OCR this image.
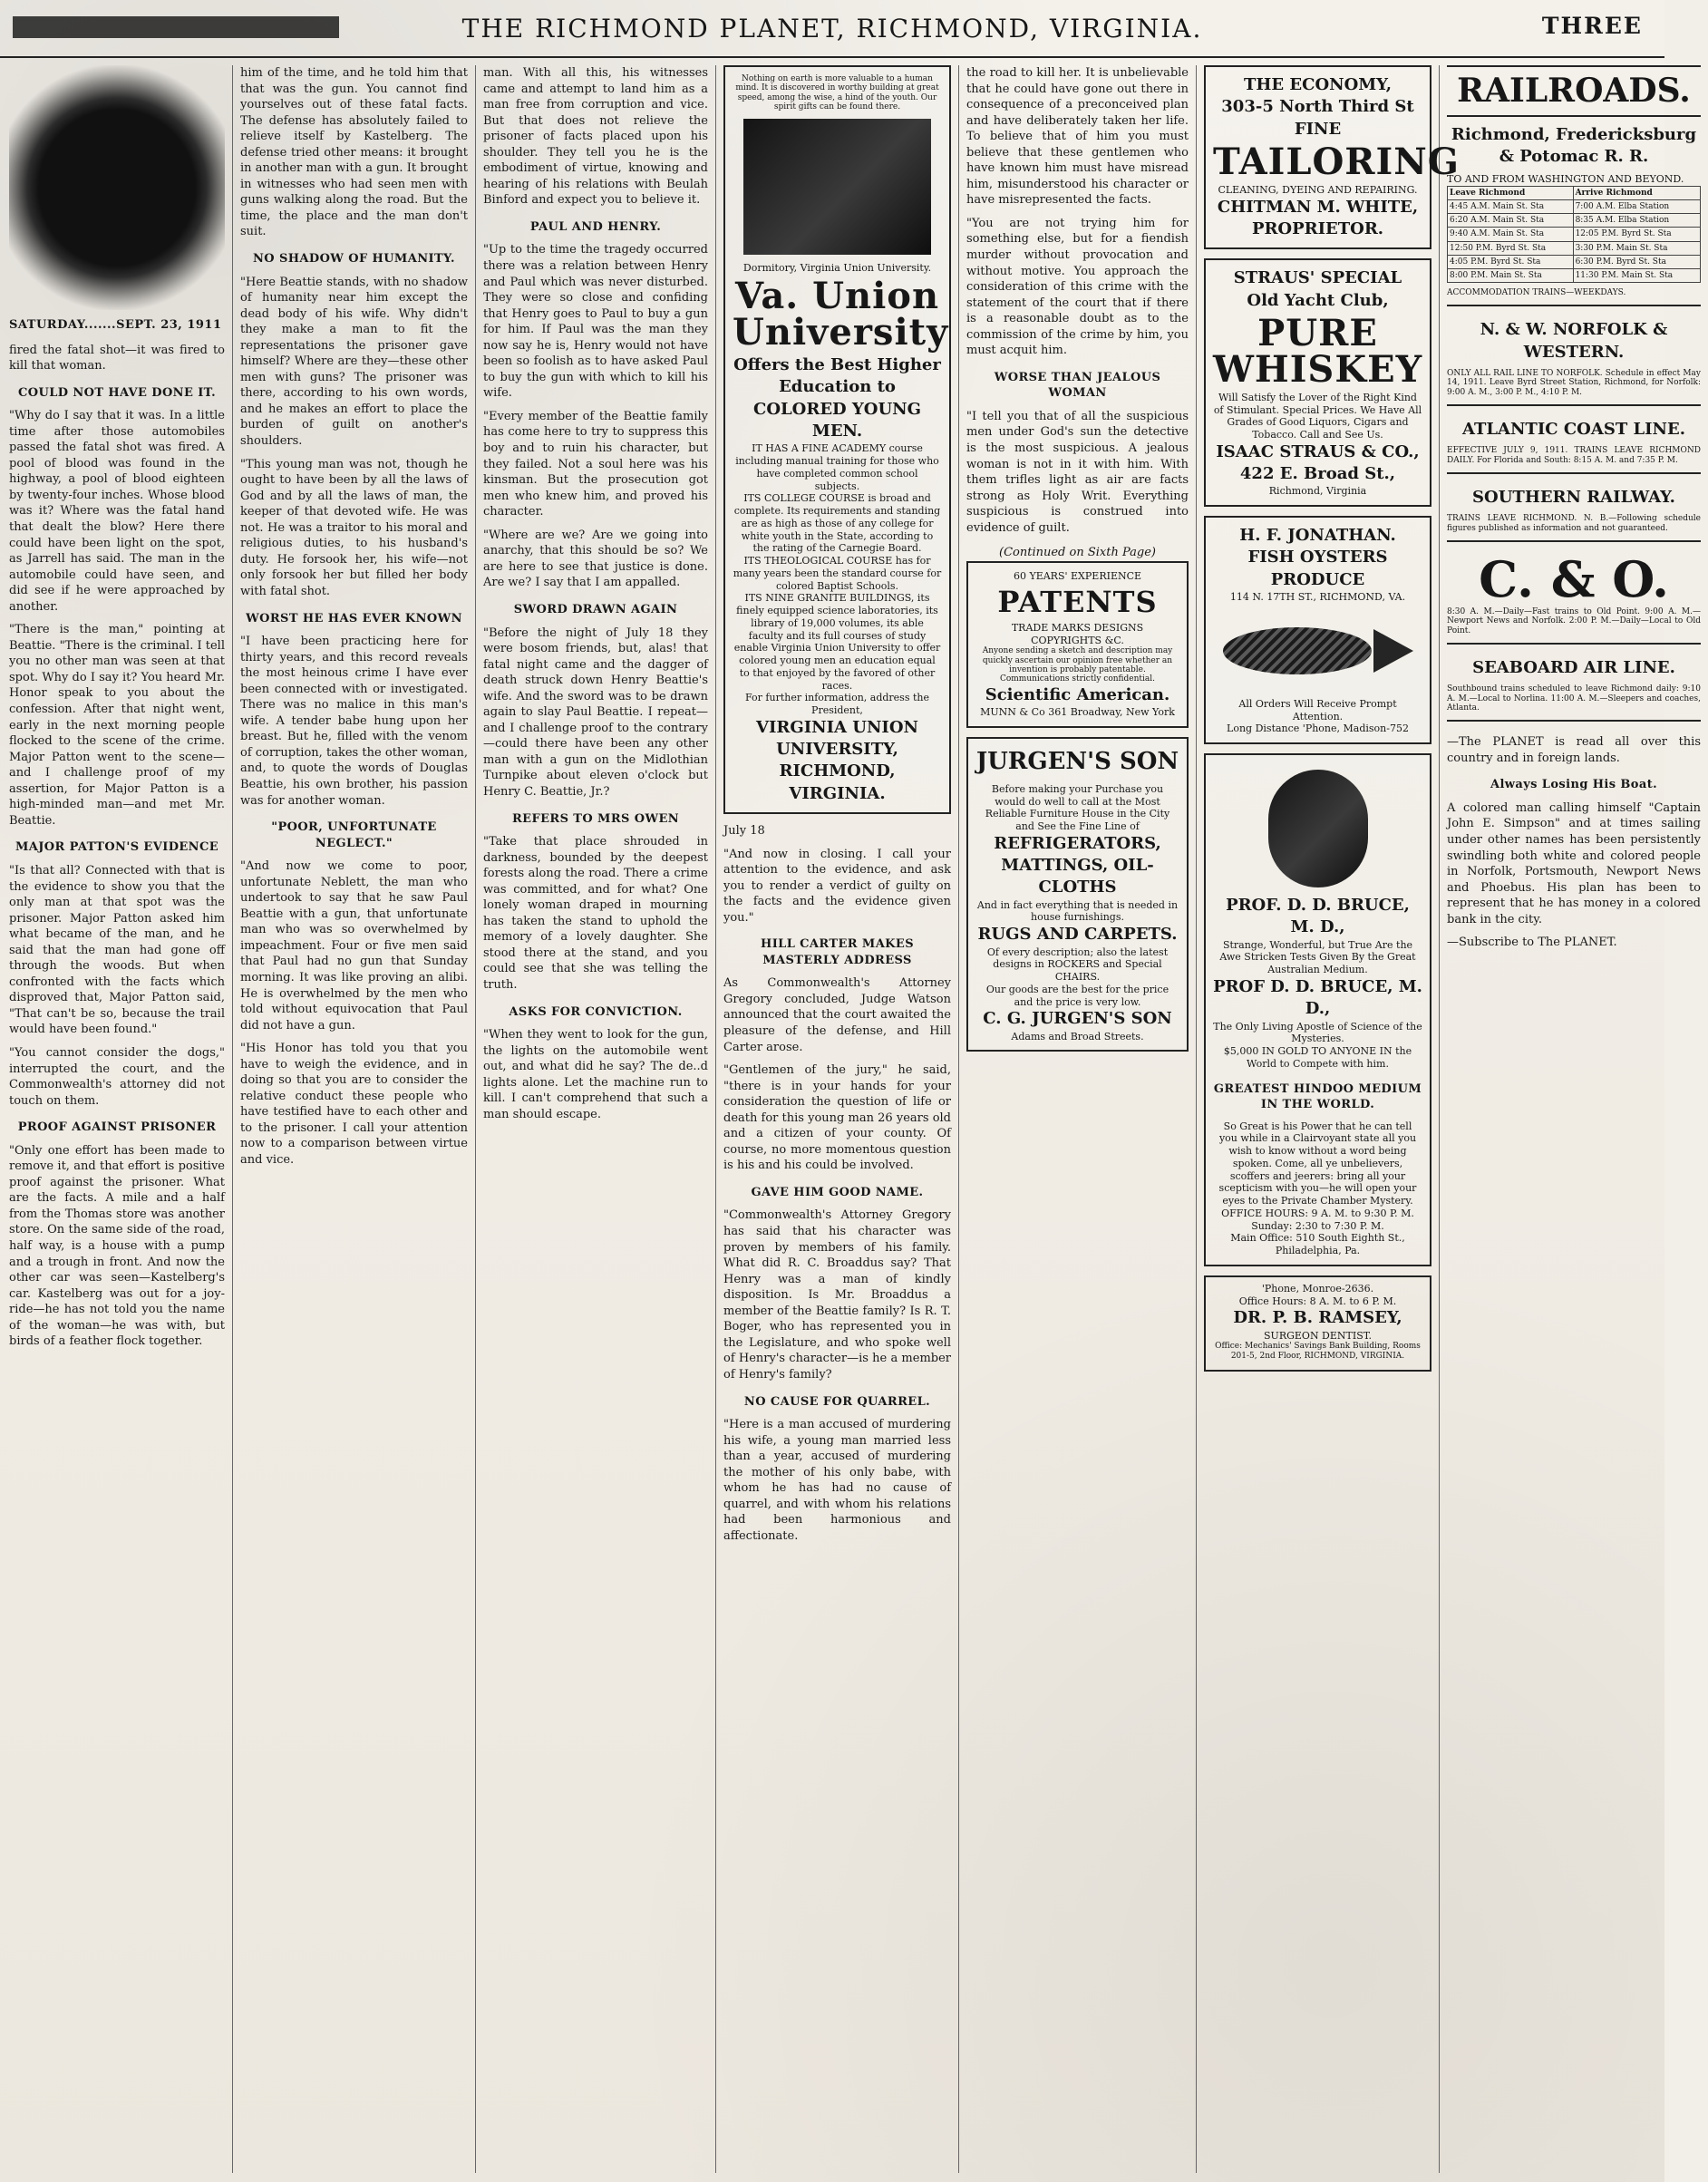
THE RICHMOND PLANET, RICHMOND, VIRGINIA.	THREE
SATURDAY.......SEPT. 23, 1911

fired the fatal shot—it was fired to kill that woman.

COULD NOT HAVE DONE IT.

"Why do I say that it was. In a little time after those automobiles passed the fatal shot was fired. A pool of blood was found in the highway, a pool of blood eighteen by twenty-four inches. Whose blood was it? Where was the fatal hand that dealt the blow? Here there could have been light on the spot, as Jarrell has said. The man in the automobile could have seen, and did see if he were approached by another.

"There is the man," pointing at Beattie. "There is the criminal. I tell you no other man was seen at that spot. Why do I say it? You heard Mr. Honor speak to you about the confession. After that night went, early in the next morning people flocked to the scene of the crime. Major Patton went to the scene—and I challenge proof of my assertion, for Major Patton is a high-minded man—and met Mr. Beattie.

MAJOR PATTON'S EVIDENCE

"Is that all? Connected with that is the evidence to show you that the only man at that spot was the prisoner. Major Patton asked him what became of the man, and he said that the man had gone off through the woods. But when confronted with the facts which disproved that, Major Patton said, "That can't be so, because the trail would have been found."

"You cannot consider the dogs," interrupted the court, and the Commonwealth's attorney did not touch on them.

PROOF AGAINST PRISONER

"Only one effort has been made to remove it, and that effort is positive proof against the prisoner. What are the facts. A mile and a half from the Thomas store was another store. On the same side of the road, half way, is a house with a pump and a trough in front. And now the other car was seen—Kastelberg's car. Kastelberg was out for a joy-ride—he has not told you the name of the woman—he was with, but birds of a feather flock together.

him of the time, and he told him that that was the gun. You cannot find yourselves out of these fatal facts. The defense has absolutely failed to relieve itself by Kastelberg. The defense tried other means: it brought in another man with a gun. It brought in witnesses who had seen men with guns walking along the road. But the time, the place and the man don't suit.

NO SHADOW OF HUMANITY.

"Here Beattie stands, with no shadow of humanity near him except the dead body of his wife. Why didn't they make a man to fit the representations the prisoner gave himself? Where are they—these other men with guns? The prisoner was there, according to his own words, and he makes an effort to place the burden of guilt on another's shoulders.

"This young man was not, though he ought to have been by all the laws of God and by all the laws of man, the keeper of that devoted wife. He was not. He was a traitor to his moral and religious duties, to his husband's duty. He forsook her, his wife—not only forsook her but filled her body with fatal shot.

WORST HE HAS EVER KNOWN

"I have been practicing here for thirty years, and this record reveals the most heinous crime I have ever been connected with or investigated. There was no malice in this man's wife. A tender babe hung upon her breast. But he, filled with the venom of corruption, takes the other woman, and, to quote the words of Douglas Beattie, his own brother, his passion was for another woman.

"POOR, UNFORTUNATE NEGLECT."

"And now we come to poor, unfortunate Neblett, the man who undertook to say that he saw Paul Beattie with a gun, that unfortunate man who was so overwhelmed by impeachment. Four or five men said that Paul had no gun that Sunday morning. It was like proving an alibi. He is overwhelmed by the men who told without equivocation that Paul did not have a gun.

"His Honor has told you that you have to weigh the evidence, and in doing so that you are to consider the relative conduct these people who have testified have to each other and to the prisoner. I call your attention now to a comparison between virtue and vice.

man. With all this, his witnesses came and attempt to land him as a man free from corruption and vice. But that does not relieve the prisoner of facts placed upon his shoulder. They tell you he is the embodiment of virtue, knowing and hearing of his relations with Beulah Binford and expect you to believe it.

PAUL AND HENRY.

"Up to the time the tragedy occurred there was a relation between Henry and Paul which was never disturbed. They were so close and confiding that Henry goes to Paul to buy a gun for him. If Paul was the man they now say he is, Henry would not have been so foolish as to have asked Paul to buy the gun with which to kill his wife.

"Every member of the Beattie family has come here to try to suppress this boy and to ruin his character, but they failed. Not a soul here was his kinsman. But the prosecution got men who knew him, and proved his character.

"Where are we? Are we going into anarchy, that this should be so? We are here to see that justice is done. Are we? I say that I am appalled.

SWORD DRAWN AGAIN

"Before the night of July 18 they were bosom friends, but, alas! that fatal night came and the dagger of death struck down Henry Beattie's wife. And the sword was to be drawn again to slay Paul Beattie. I repeat—and I challenge proof to the contrary—could there have been any other man with a gun on the Midlothian Turnpike about eleven o'clock but Henry C. Beattie, Jr.?

REFERS TO MRS OWEN

"Take that place shrouded in darkness, bounded by the deepest forests along the road. There a crime was committed, and for what? One lonely woman draped in mourning has taken the stand to uphold the memory of a lovely daughter. She stood there at the stand, and you could see that she was telling the truth.

ASKS FOR CONVICTION.

"When they went to look for the gun, the lights on the automobile went out, and what did he say? The de..d lights alone. Let the machine run to kill. I can't comprehend that such a man should escape.

Nothing on earth is more valuable to a human mind. It is discovered in worthy building at great speed, among the wise, a hind of the youth. Our spirit gifts can be found there.
Dormitory, Virginia Union University.
Va. Union University
Offers the Best Higher Education to
COLORED YOUNG MEN.
IT HAS A FINE ACADEMY course including manual training for those who have completed common school subjects.
ITS COLLEGE COURSE is broad and complete. Its requirements and standing are as high as those of any college for white youth in the State, according to the rating of the Carnegie Board.
ITS THEOLOGICAL COURSE has for many years been the standard course for colored Baptist Schools.
ITS NINE GRANITE BUILDINGS, its finely equipped science laboratories, its library of 19,000 volumes, its able faculty and its full courses of study enable Virginia Union University to offer colored young men an education equal to that enjoyed by the favored of other races.
For further information, address the President,
VIRGINIA UNION UNIVERSITY, RICHMOND, VIRGINIA.

July 18

"And now in closing. I call your attention to the evidence, and ask you to render a verdict of guilty on the facts and the evidence given you."

HILL CARTER MAKES MASTERLY ADDRESS

As Commonwealth's Attorney Gregory concluded, Judge Watson announced that the court awaited the pleasure of the defense, and Hill Carter arose.

"Gentlemen of the jury," he said, "there is in your hands for your consideration the question of life or death for this young man 26 years old and a citizen of your county. Of course, no more momentous question is his and his could be involved.

GAVE HIM GOOD NAME.

"Commonwealth's Attorney Gregory has said that his character was proven by members of his family. What did R. C. Broaddus say? That Henry was a man of kindly disposition. Is Mr. Broaddus a member of the Beattie family? Is R. T. Boger, who has represented you in the Legislature, and who spoke well of Henry's character—is he a member of Henry's family?

NO CAUSE FOR QUARREL.

"Here is a man accused of murdering his wife, a young man married less than a year, accused of murdering the mother of his only babe, with whom he has had no cause of quarrel, and with whom his relations had been harmonious and affectionate.

the road to kill her. It is unbelievable that he could have gone out there in consequence of a preconceived plan and have deliberately taken her life. To believe that of him you must believe that these gentlemen who have known him must have misread him, misunderstood his character or have misrepresented the facts.

"You are not trying him for something else, but for a fiendish murder without provocation and without motive. You approach the consideration of this crime with the statement of the court that if there is a reasonable doubt as to the commission of the crime by him, you must acquit him.

WORSE THAN JEALOUS WOMAN

"I tell you that of all the suspicious men under God's sun the detective is the most suspicious. A jealous woman is not in it with him. With them trifles light as air are facts strong as Holy Writ. Everything suspicious is construed into evidence of guilt.

(Continued on Sixth Page)
60 YEARS' EXPERIENCE
PATENTS
TRADE MARKS DESIGNS COPYRIGHTS &C.
Anyone sending a sketch and description may quickly ascertain our opinion free whether an invention is probably patentable. Communications strictly confidential.
Scientific American.
MUNN & Co 361 Broadway, New York
JURGEN'S SON
Before making your Purchase you would do well to call at the Most Reliable Furniture House in the City and See the Fine Line of
REFRIGERATORS, MATTINGS, OIL-CLOTHS
And in fact everything that is needed in house furnishings.
RUGS AND CARPETS.
Of every description; also the latest designs in ROCKERS and Special CHAIRS.
Our goods are the best for the price and the price is very low.
C. G. JURGEN'S SON
Adams and Broad Streets.
THE ECONOMY,
303-5 North Third St
FINE
TAILORING
CLEANING, DYEING AND REPAIRING.
CHITMAN M. WHITE, PROPRIETOR.
STRAUS' SPECIAL
Old Yacht Club,
PURE WHISKEY
Will Satisfy the Lover of the Right Kind of Stimulant. Special Prices. We Have All Grades of Good Liquors, Cigars and Tobacco. Call and See Us.
ISAAC STRAUS & CO.,
422 E. Broad St.,
Richmond, Virginia
H. F. JONATHAN.
FISH OYSTERS PRODUCE
114 N. 17TH ST., RICHMOND, VA.
All Orders Will Receive Prompt Attention.
Long Distance 'Phone, Madison-752
PROF. D. D. BRUCE, M. D.,
Strange, Wonderful, but True Are the Awe Stricken Tests Given By the Great Australian Medium.
PROF D. D. BRUCE, M. D.,
The Only Living Apostle of Science of the Mysteries.
$5,000 IN GOLD TO ANYONE IN the World to Compete with him.
GREATEST HINDOO MEDIUM IN THE WORLD.
So Great is his Power that he can tell you while in a Clairvoyant state all you wish to know without a word being spoken. Come, all ye unbelievers, scoffers and jeerers: bring all your scepticism with you—he will open your eyes to the Private Chamber Mystery.
OFFICE HOURS: 9 A. M. to 9:30 P. M. Sunday: 2:30 to 7:30 P. M.
Main Office: 510 South Eighth St., Philadelphia, Pa.
'Phone, Monroe-2636.
Office Hours: 8 A. M. to 6 P. M.
DR. P. B. RAMSEY,
SURGEON DENTIST.
Office: Mechanics' Savings Bank Building, Rooms 201-5, 2nd Floor, RICHMOND, VIRGINIA.
RAILROADS.
Richmond, Fredericksburg & Potomac R. R.
TO AND FROM WASHINGTON AND BEYOND.
Leave Richmond	Arrive Richmond
4:45 A.M. Main St. Sta	7:00 A.M. Elba Station
6:20 A.M. Main St. Sta	8:35 A.M. Elba Station
9:40 A.M. Main St. Sta	12:05 P.M. Byrd St. Sta
12:50 P.M. Byrd St. Sta	3:30 P.M. Main St. Sta
4:05 P.M. Byrd St. Sta	6:30 P.M. Byrd St. Sta
8:00 P.M. Main St. Sta	11:30 P.M. Main St. Sta
ACCOMMODATION TRAINS—WEEKDAYS.
N. & W. NORFOLK & WESTERN.
ONLY ALL RAIL LINE TO NORFOLK. Schedule in effect May 14, 1911. Leave Byrd Street Station, Richmond, for Norfolk: 9:00 A. M., 3:00 P. M., 4:10 P. M.
ATLANTIC COAST LINE.
EFFECTIVE JULY 9, 1911. TRAINS LEAVE RICHMOND DAILY. For Florida and South: 8:15 A. M. and 7:35 P. M.
SOUTHERN RAILWAY.
TRAINS LEAVE RICHMOND. N. B.—Following schedule figures published as information and not guaranteed.
C. & O.
8:30 A. M.—Daily—Fast trains to Old Point. 9:00 A. M.—Newport News and Norfolk. 2:00 P. M.—Daily—Local to Old Point.
SEABOARD AIR LINE.
Southbound trains scheduled to leave Richmond daily: 9:10 A. M.—Local to Norlina. 11:00 A. M.—Sleepers and coaches, Atlanta.

—The PLANET is read all over this country and in foreign lands.

Always Losing His Boat.

A colored man calling himself "Captain John E. Simpson" and at times sailing under other names has been persistently swindling both white and colored people in Norfolk, Portsmouth, Newport News and Phoebus. His plan has been to represent that he has money in a colored bank in the city.

—Subscribe to The PLANET.
